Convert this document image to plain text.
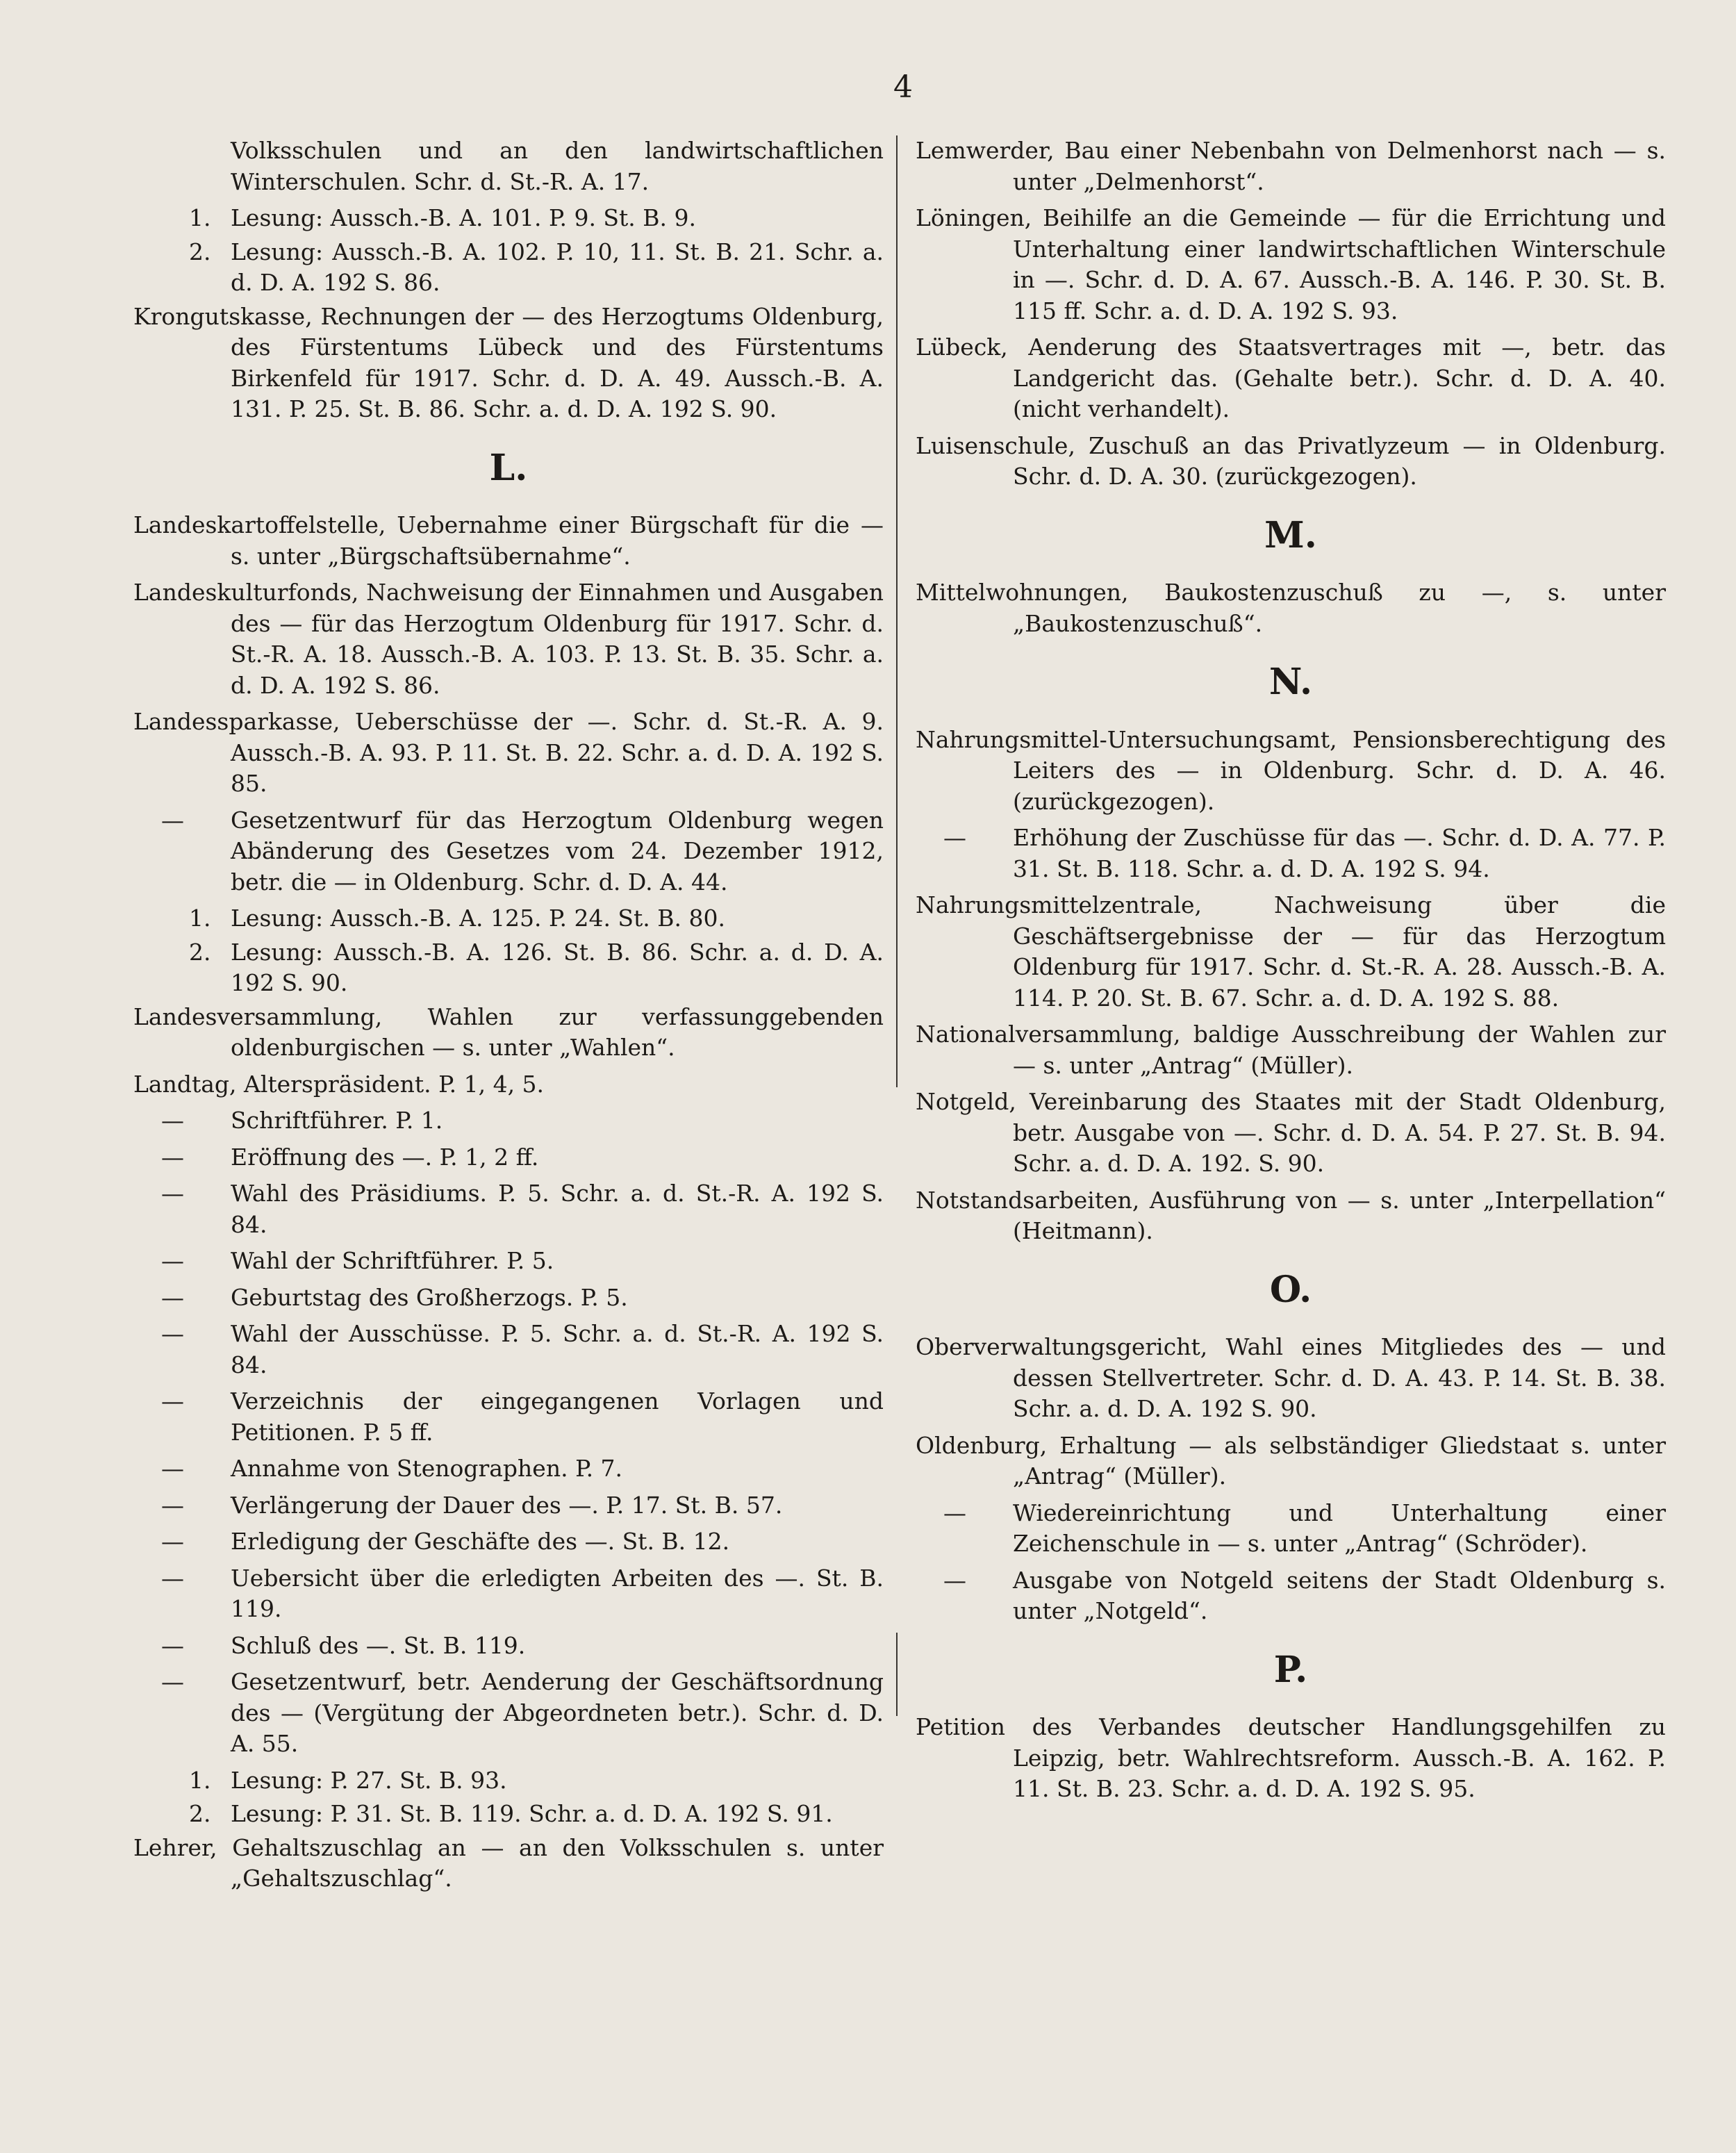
4

Volksschulen und an den landwirtschaftlichen Winterschulen. Schr. d. St.-R. A. 17.

1. Lesung: Aussch.-B. A. 101. P. 9. St. B. 9.

2. Lesung: Aussch.-B. A. 102. P. 10, 11. St. B. 21. Schr. a. d. D. A. 192 S. 86.

Krongutskasse, Rechnungen der — des Herzogtums Oldenburg, des Fürstentums Lübeck und des Fürstentums Birkenfeld für 1917. Schr. d. D. A. 49. Aussch.-B. A. 131. P. 25. St. B. 86. Schr. a. d. D. A. 192 S. 90.

L.

Landeskartoffelstelle, Uebernahme einer Bürgschaft für die — s. unter „Bürgschaftsübernahme“.

Landeskulturfonds, Nachweisung der Einnahmen und Ausgaben des — für das Herzogtum Oldenburg für 1917. Schr. d. St.-R. A. 18. Aussch.-B. A. 103. P. 13. St. B. 35. Schr. a. d. D. A. 192 S. 86.

Landessparkasse, Ueberschüsse der —. Schr. d. St.-R. A. 9. Aussch.-B. A. 93. P. 11. St. B. 22. Schr. a. d. D. A. 192 S. 85.

— Gesetzentwurf für das Herzogtum Oldenburg wegen Abänderung des Gesetzes vom 24. Dezember 1912, betr. die — in Oldenburg. Schr. d. D. A. 44.

1. Lesung: Aussch.-B. A. 125. P. 24. St. B. 80.

2. Lesung: Aussch.-B. A. 126. St. B. 86. Schr. a. d. D. A. 192 S. 90.

Landesversammlung, Wahlen zur verfassunggebenden oldenburgischen — s. unter „Wahlen“.

Landtag, Alterspräsident. P. 1, 4, 5.

— Schriftführer. P. 1.

— Eröffnung des —. P. 1, 2 ff.

— Wahl des Präsidiums. P. 5. Schr. a. d. St.-R. A. 192 S. 84.

— Wahl der Schriftführer. P. 5.

— Geburtstag des Großherzogs. P. 5.

— Wahl der Ausschüsse. P. 5. Schr. a. d. St.-R. A. 192 S. 84.

— Verzeichnis der eingegangenen Vorlagen und Petitionen. P. 5 ff.

— Annahme von Stenographen. P. 7.

— Verlängerung der Dauer des —. P. 17. St. B. 57.

— Erledigung der Geschäfte des —. St. B. 12.

— Uebersicht über die erledigten Arbeiten des —. St. B. 119.

— Schluß des —. St. B. 119.

— Gesetzentwurf, betr. Aenderung der Geschäftsordnung des — (Vergütung der Abgeordneten betr.). Schr. d. D. A. 55.

1. Lesung: P. 27. St. B. 93.

2. Lesung: P. 31. St. B. 119. Schr. a. d. D. A. 192 S. 91.

Lehrer, Gehaltszuschlag an — an den Volksschulen s. unter „Gehaltszuschlag“.

Lemwerder, Bau einer Nebenbahn von Delmenhorst nach — s. unter „Delmenhorst“.

Löningen, Beihilfe an die Gemeinde — für die Errichtung und Unterhaltung einer landwirtschaftlichen Winterschule in —. Schr. d. D. A. 67. Aussch.-B. A. 146. P. 30. St. B. 115 ff. Schr. a. d. D. A. 192 S. 93.

Lübeck, Aenderung des Staatsvertrages mit —, betr. das Landgericht das. (Gehalte betr.). Schr. d. D. A. 40. (nicht verhandelt).

Luisenschule, Zuschuß an das Privatlyzeum — in Oldenburg. Schr. d. D. A. 30. (zurückgezogen).

M.

Mittelwohnungen, Baukostenzuschuß zu —, s. unter „Baukostenzuschuß“.

N.

Nahrungsmittel-Untersuchungsamt, Pensionsberechtigung des Leiters des — in Oldenburg. Schr. d. D. A. 46. (zurückgezogen).

— Erhöhung der Zuschüsse für das —. Schr. d. D. A. 77. P. 31. St. B. 118. Schr. a. d. D. A. 192 S. 94.

Nahrungsmittelzentrale, Nachweisung über die Geschäftsergebnisse der — für das Herzogtum Oldenburg für 1917. Schr. d. St.-R. A. 28. Aussch.-B. A. 114. P. 20. St. B. 67. Schr. a. d. D. A. 192 S. 88.

Nationalversammlung, baldige Ausschreibung der Wahlen zur — s. unter „Antrag“ (Müller).

Notgeld, Vereinbarung des Staates mit der Stadt Oldenburg, betr. Ausgabe von —. Schr. d. D. A. 54. P. 27. St. B. 94. Schr. a. d. D. A. 192. S. 90.

Notstandsarbeiten, Ausführung von — s. unter „Interpellation“ (Heitmann).

O.

Oberverwaltungsgericht, Wahl eines Mitgliedes des — und dessen Stellvertreter. Schr. d. D. A. 43. P. 14. St. B. 38. Schr. a. d. D. A. 192 S. 90.

Oldenburg, Erhaltung — als selbständiger Gliedstaat s. unter „Antrag“ (Müller).

— Wiedereinrichtung und Unterhaltung einer Zeichenschule in — s. unter „Antrag“ (Schröder).

— Ausgabe von Notgeld seitens der Stadt Oldenburg s. unter „Notgeld“.

P.

Petition des Verbandes deutscher Handlungsgehilfen zu Leipzig, betr. Wahlrechtsreform. Aussch.-B. A. 162. P. 11. St. B. 23. Schr. a. d. D. A. 192 S. 95.
